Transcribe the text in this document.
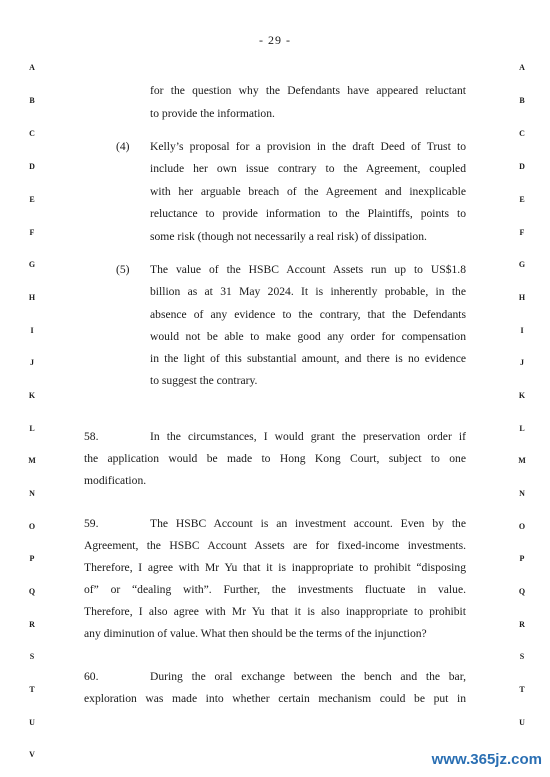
- 29 -
A
B
C
D
E
F
G
H
I
J
K
L
M
N
O
P
Q
R
S
T
U
V
A
B
C
D
E
F
G
H
I
J
K
L
M
N
O
P
Q
R
S
T
U
for the question why the Defendants have appeared reluctant
to provide the information.
(4) Kelly’s proposal for a provision in the draft Deed of Trust to
include her own issue contrary to the Agreement, coupled
with her arguable breach of the Agreement and inexplicable
reluctance to provide information to the Plaintiffs, points to
some risk (though not necessarily a real risk) of dissipation.
(5) The value of the HSBC Account Assets run up to US$1.8
billion as at 31 May 2024. It is inherently probable, in the
absence of any evidence to the contrary, that the Defendants
would not be able to make good any order for compensation
in the light of this substantial amount, and there is no evidence
to suggest the contrary.
58.	In the circumstances, I would grant the preservation order if
the application would be made to Hong Kong Court, subject to one
modification.
59.	The HSBC Account is an investment account. Even by the
Agreement, the HSBC Account Assets are for fixed-income investments.
Therefore, I agree with Mr Yu that it is inappropriate to prohibit “disposing
of” or “dealing with”. Further, the investments fluctuate in value.
Therefore, I also agree with Mr Yu that it is also inappropriate to prohibit
any diminution of value. What then should be the terms of the injunction?
60.	During the oral exchange between the bench and the bar,
exploration was made into whether certain mechanism could be put in
www.365jz.com
